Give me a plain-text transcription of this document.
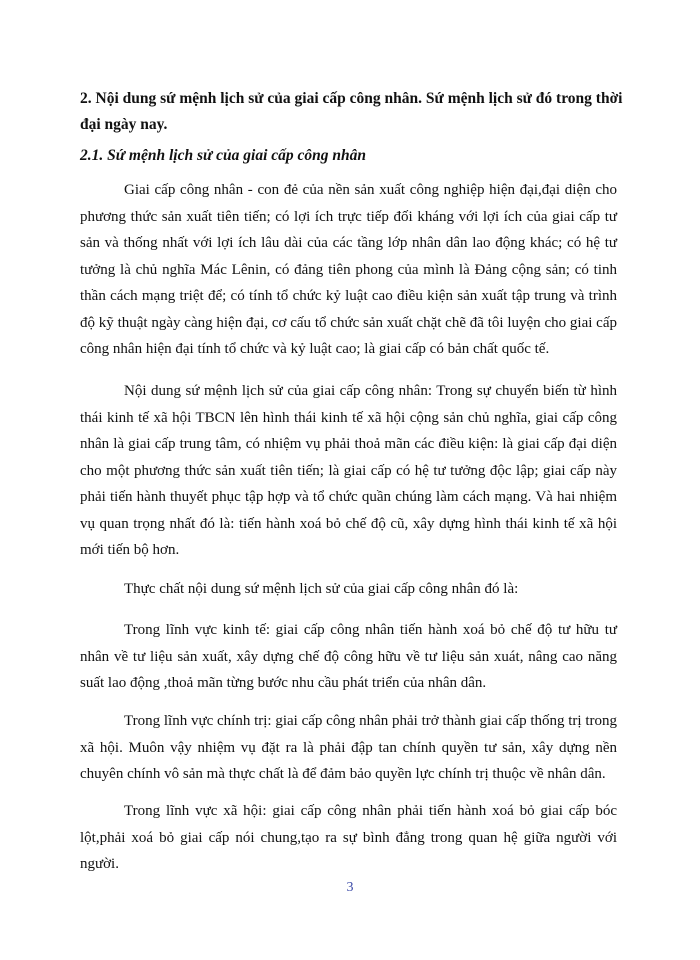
2. Nội dung sứ mệnh lịch sử của giai cấp công nhân. Sứ mệnh lịch sử đó trong thời đại ngày nay.
2.1. Sứ mệnh lịch sử của giai cấp công nhân
Giai cấp công nhân - con đẻ của nền sản xuất công nghiệp hiện đại,đại diện cho phương thức sản xuất tiên tiến; có lợi ích trực tiếp đối kháng với lợi ích của giai cấp tư sản và thống nhất với lợi ích lâu dài của các tầng lớp nhân dân lao động khác; có hệ tư tưởng là chủ nghĩa Mác Lênin, có đảng tiên phong của mình là Đảng cộng sản; có tinh thần cách mạng triệt để; có tính tổ chức kỷ luật cao điều kiện sản xuất tập trung và trình độ kỹ thuật ngày càng hiện đại, cơ cấu tổ chức sản xuất chặt chẽ đã tôi luyện cho giai cấp công nhân hiện đại tính tổ chức và kỷ luật cao; là giai cấp có bản chất quốc tế.
Nội dung sứ mệnh lịch sử của giai cấp công nhân: Trong sự chuyển biến từ hình thái kinh tế xã hội TBCN lên hình thái kinh tế xã hội cộng sản chủ nghĩa, giai cấp công nhân là giai cấp trung tâm, có nhiệm vụ phải thoả mãn các điều kiện: là giai cấp đại diện cho một phương thức sản xuất tiên tiến; là giai cấp có hệ tư tưởng độc lập; giai cấp này phải tiến hành thuyết phục tập hợp và tổ chức quần chúng làm cách mạng. Và hai nhiệm vụ quan trọng nhất đó là: tiến hành xoá bỏ chế độ cũ, xây dựng hình thái kinh tế xã hội mới tiến bộ hơn.
Thực chất nội dung sứ mệnh lịch sử của giai cấp công nhân đó là:
Trong lĩnh vực kinh tế: giai cấp công nhân tiến hành xoá bỏ chế độ tư hữu tư nhân về tư liệu sản xuất, xây dựng chế độ công hữu về tư liệu sản xuát, nâng cao năng suất lao động ,thoả mãn từng bước nhu cầu phát triển của nhân dân.
Trong lĩnh vực chính trị: giai cấp công nhân phải trở thành giai cấp thống trị trong xã hội. Muôn vậy nhiệm vụ đặt ra là phải đập tan chính quyền tư sản, xây dựng nền chuyên chính vô sản mà thực chất là để đảm bảo quyền lực chính trị thuộc về nhân dân.
Trong lĩnh vực xã hội: giai cấp công nhân phải tiến hành xoá bỏ giai cấp bóc lột,phải xoá bỏ giai cấp nói chung,tạo ra sự bình đẳng trong quan hệ giữa người với người.
3
